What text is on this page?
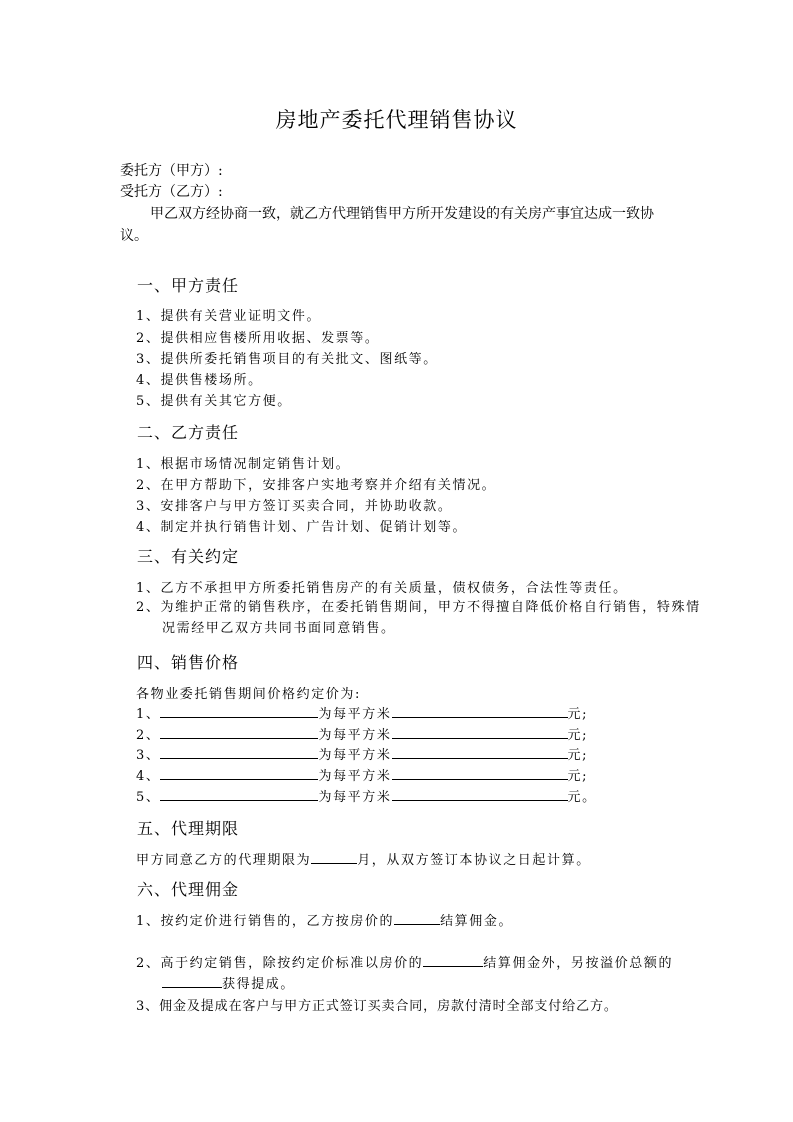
房地产委托代理销售协议
委托方（甲方）:
受托方（乙方）:
甲乙双方经协商一致，就乙方代理销售甲方所开发建设的有关房产事宜达成一致协议。
一、甲方责任
1、提供有关营业证明文件。
2、提供相应售楼所用收据、发票等。
3、提供所委托销售项目的有关批文、图纸等。
4、提供售楼场所。
5、提供有关其它方便。
二、乙方责任
1、根据市场情况制定销售计划。
2、在甲方帮助下，安排客户实地考察并介绍有关情况。
3、安排客户与甲方签订买卖合同，并协助收款。
4、制定并执行销售计划、广告计划、促销计划等。
三、有关约定
1、乙方不承担甲方所委托销售房产的有关质量，债权债务，合法性等责任。
2、为维护正常的销售秩序，在委托销售期间，甲方不得擅自降低价格自行销售，特殊情况需经甲乙双方共同书面同意销售。
四、销售价格
各物业委托销售期间价格约定价为:
1、	为每平方米	元;
2、	为每平方米	元;
3、	为每平方米	元;
4、	为每平方米	元;
5、	为每平方米	元。
五、代理期限
甲方同意乙方的代理期限为	月，从双方签订本协议之日起计算。
六、代理佣金
1、按约定价进行销售的，乙方按房价的	结算佣金。
2、高于约定销售，除按约定价标准以房价的	结算佣金外，另按溢价总额的
获得提成。
3、佣金及提成在客户与甲方正式签订买卖合同，房款付清时全部支付给乙方。
